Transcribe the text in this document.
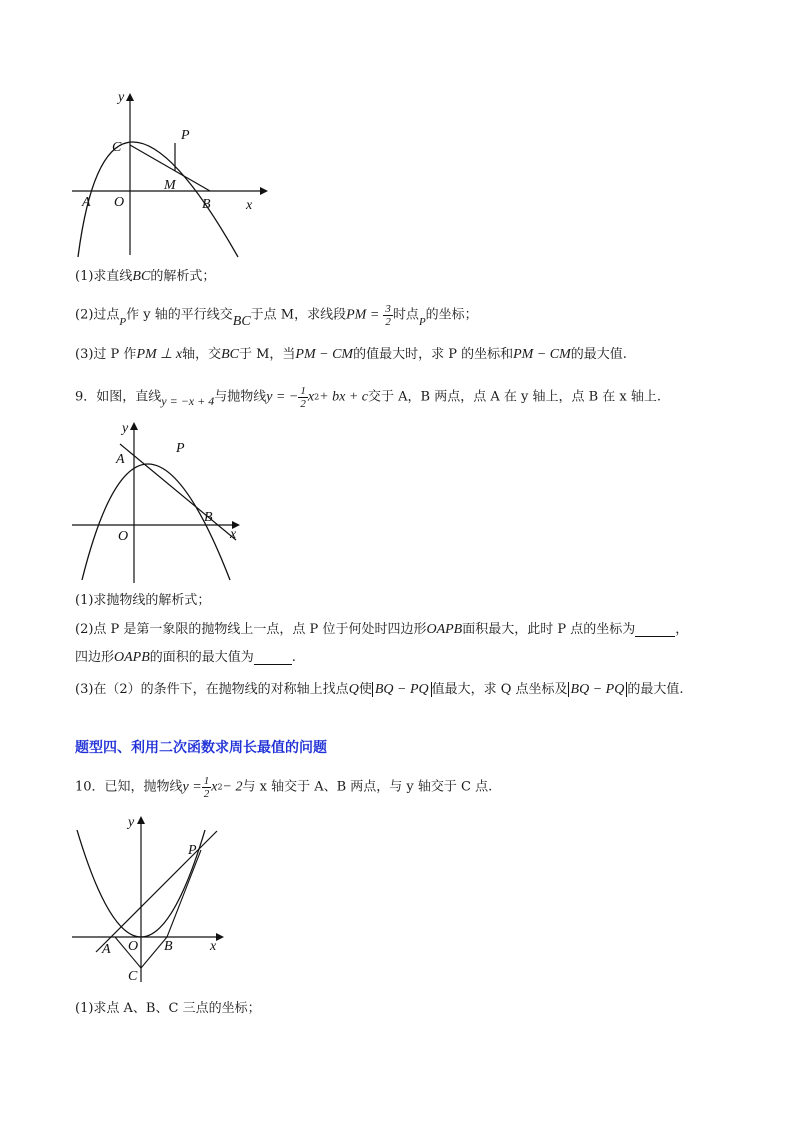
y
x
C
P
M
A O	B
(1)求直线BC的解析式；
(2)过点$_P$作 y 轴的平行线交BC于点 M，求线段PM = $\frac{3}{2}$ 时点$_P$的坐标；
(3)过 P 作PM ⊥ x轴，交BC于 M，当PM − CM的值最大时，求 P 的坐标和PM − CM的最大值.
9．如图，直线y = −x + 4与抛物线y = − $\frac{1}{2} x2+$ bx + c交于 A，B 两点，点 A 在 y 轴上，点 B 在 x 轴上.
y
x
A
P
O
B
(1)求抛物线的解析式；
(2)点 P 是第一象限的抛物线上一点，点 P 位于何处时四边形OAPB面积最大，此时 P 点的坐标为	，
四边形OAPB的面积的最大值为	.
(3)在（2）的条件下，在抛物线的对称轴上找点Q使 BQ − PQ 值最大，求 Q 点坐标及 BQ − PQ 的最大值.
题型四、利用二次函数求周长最值的问题
10．已知，抛物线$y = \frac{1}{2} x2- 2$与 x 轴交于 A、B 两点，与 y 轴交于 C 点.
y
x
P
A O B
C
(1)求点 A、B、C 三点的坐标；
